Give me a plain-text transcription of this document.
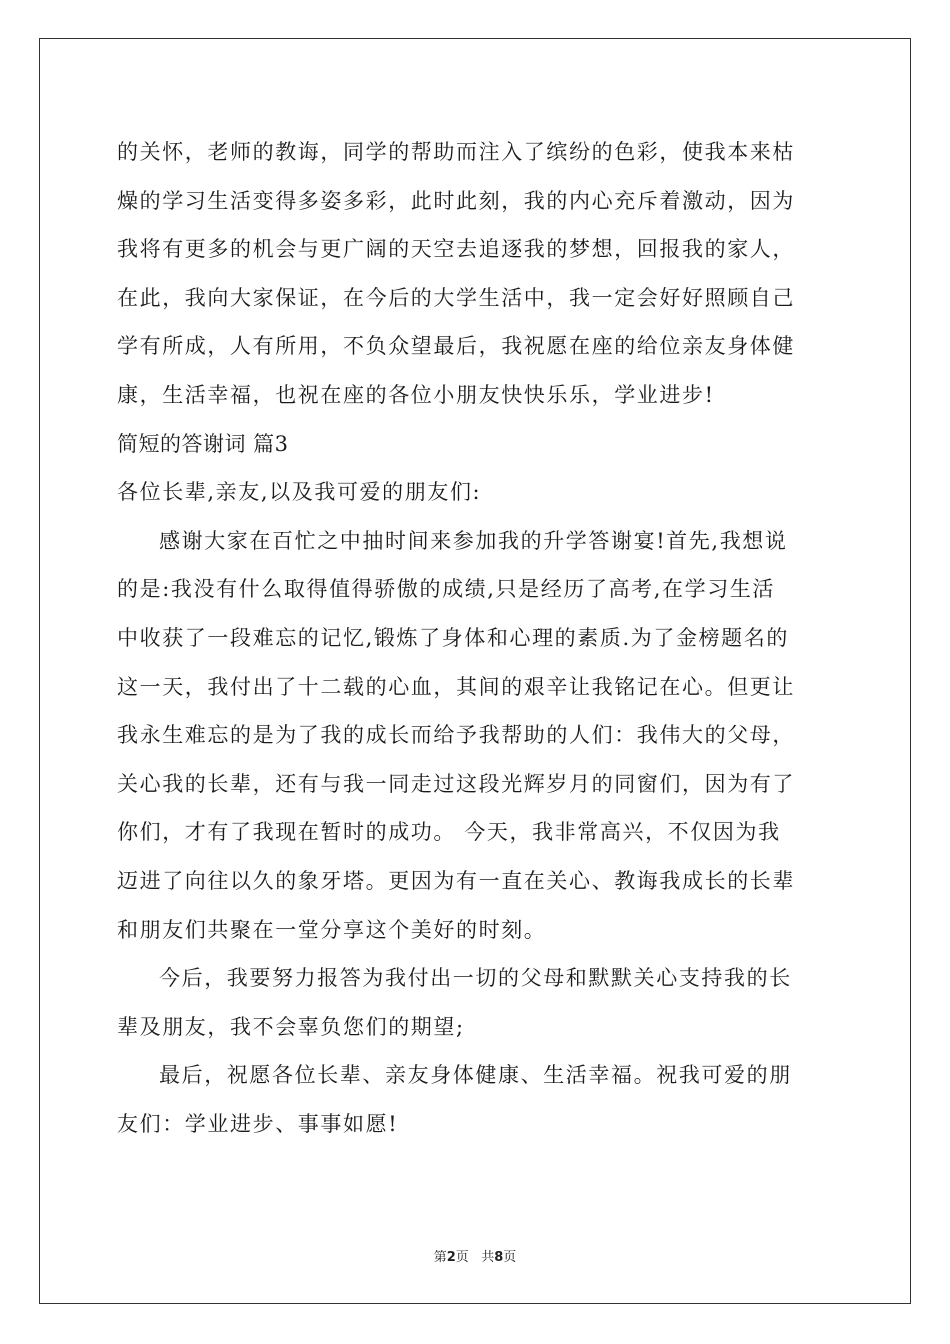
的关怀，老师的教诲，同学的帮助而注入了缤纷的色彩，使我本来枯
燥的学习生活变得多姿多彩，此时此刻，我的内心充斥着激动，因为
我将有更多的机会与更广阔的天空去追逐我的梦想，回报我的家人，
在此，我向大家保证，在今后的大学生活中，我一定会好好照顾自己
学有所成，人有所用，不负众望最后，我祝愿在座的给位亲友身体健
康，生活幸福，也祝在座的各位小朋友快快乐乐，学业进步!
简短的答谢词 篇3
各位长辈,亲友,以及我可爱的朋友们:
感谢大家在百忙之中抽时间来参加我的升学答谢宴!首先,我想说
的是:我没有什么取得值得骄傲的成绩,只是经历了高考,在学习生活
中收获了一段难忘的记忆,锻炼了身体和心理的素质.为了金榜题名的
这一天，我付出了十二载的心血，其间的艰辛让我铭记在心。但更让
我永生难忘的是为了我的成长而给予我帮助的人们：我伟大的父母，
关心我的长辈，还有与我一同走过这段光辉岁月的同窗们，因为有了
你们，才有了我现在暂时的成功。 今天，我非常高兴，不仅因为我
迈进了向往以久的象牙塔。更因为有一直在关心、教诲我成长的长辈
和朋友们共聚在一堂分享这个美好的时刻。
今后，我要努力报答为我付出一切的父母和默默关心支持我的长
辈及朋友，我不会辜负您们的期望;
最后，祝愿各位长辈、亲友身体健康、生活幸福。祝我可爱的朋
友们：学业进步、事事如愿!
第2页 共8页
